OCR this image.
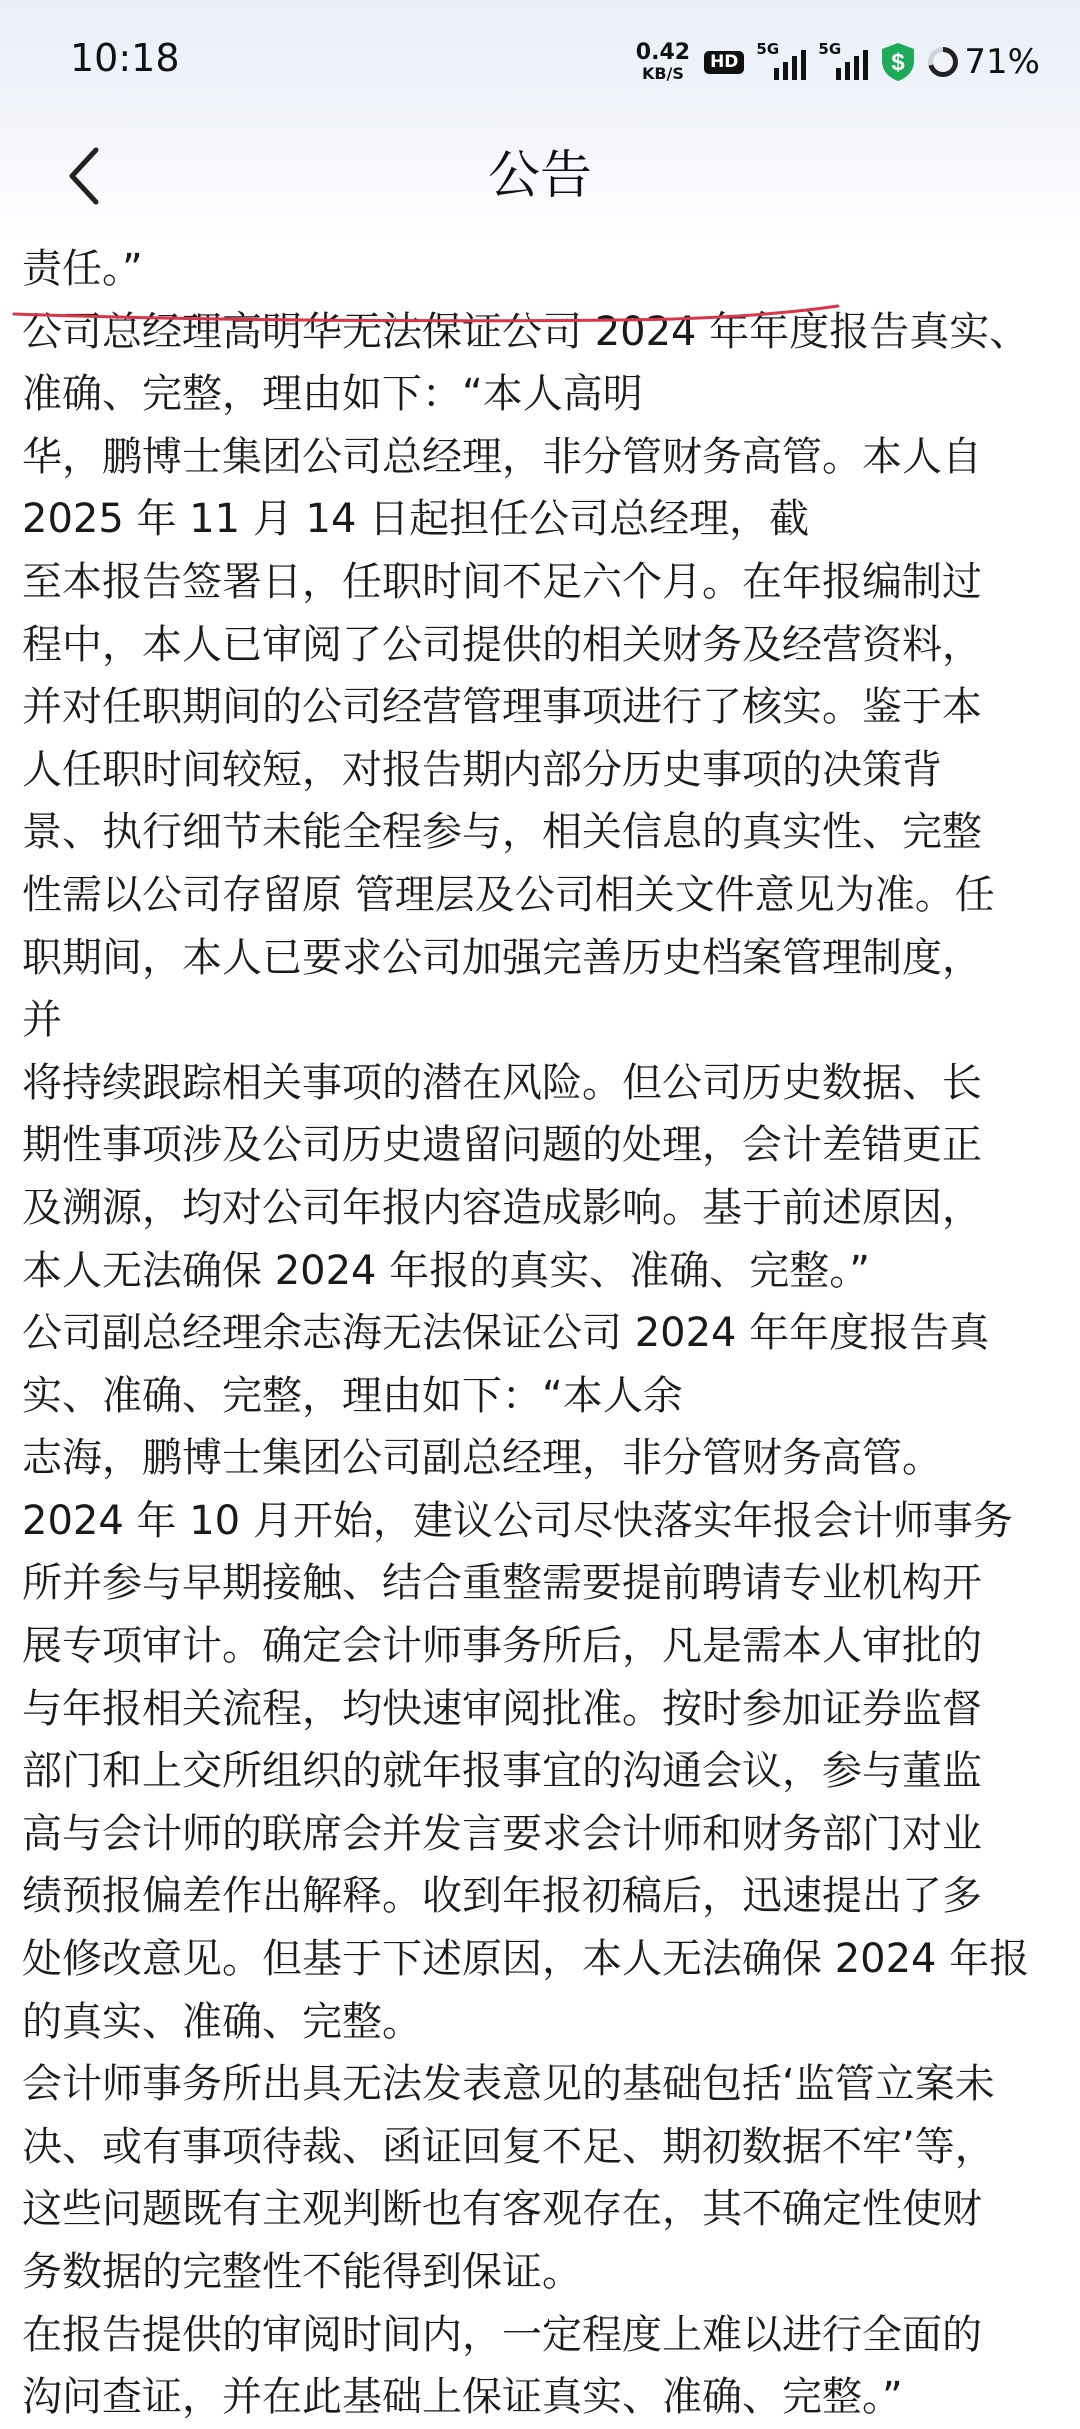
10:18	0.42
KB/S
HD
5G	5G $ 71%
公告
责任。”
公司总经理高明华无法保证公司 2024 年年度报告真实、
准确、完整，理由如下：“本人高明
华，鹏博士集团公司总经理，非分管财务高管。本人自
2025 年 11 月 14 日起担任公司总经理，截
至本报告签署日，任职时间不足六个月。在年报编制过
程中，本人已审阅了公司提供的相关财务及经营资料，
并对任职期间的公司经营管理事项进行了核实。鉴于本
人任职时间较短，对报告期内部分历史事项的决策背
景、执行细节未能全程参与，相关信息的真实性、完整
性需以公司存留原 管理层及公司相关文件意见为准。任
职期间，本人已要求公司加强完善历史档案管理制度，
并
将持续跟踪相关事项的潜在风险。但公司历史数据、长
期性事项涉及公司历史遗留问题的处理，会计差错更正
及溯源，均对公司年报内容造成影响。基于前述原因，
本人无法确保 2024 年报的真实、准确、完整。”
公司副总经理余志海无法保证公司 2024 年年度报告真
实、准确、完整，理由如下：“本人余
志海，鹏博士集团公司副总经理，非分管财务高管。
2024 年 10 月开始，建议公司尽快落实年报会计师事务
所并参与早期接触、结合重整需要提前聘请专业机构开
展专项审计。确定会计师事务所后，凡是需本人审批的
与年报相关流程，均快速审阅批准。按时参加证券监督
部门和上交所组织的就年报事宜的沟通会议，参与董监
高与会计师的联席会并发言要求会计师和财务部门对业
绩预报偏差作出解释。收到年报初稿后，迅速提出了多
处修改意见。但基于下述原因，本人无法确保 2024 年报
的真实、准确、完整。
会计师事务所出具无法发表意见的基础包括‘监管立案未
决、或有事项待裁、函证回复不足、期初数据不牢’等，
这些问题既有主观判断也有客观存在，其不确定性使财
务数据的完整性不能得到保证。
在报告提供的审阅时间内，一定程度上难以进行全面的
沟问查证，并在此基础上保证真实、准确、完整。”
